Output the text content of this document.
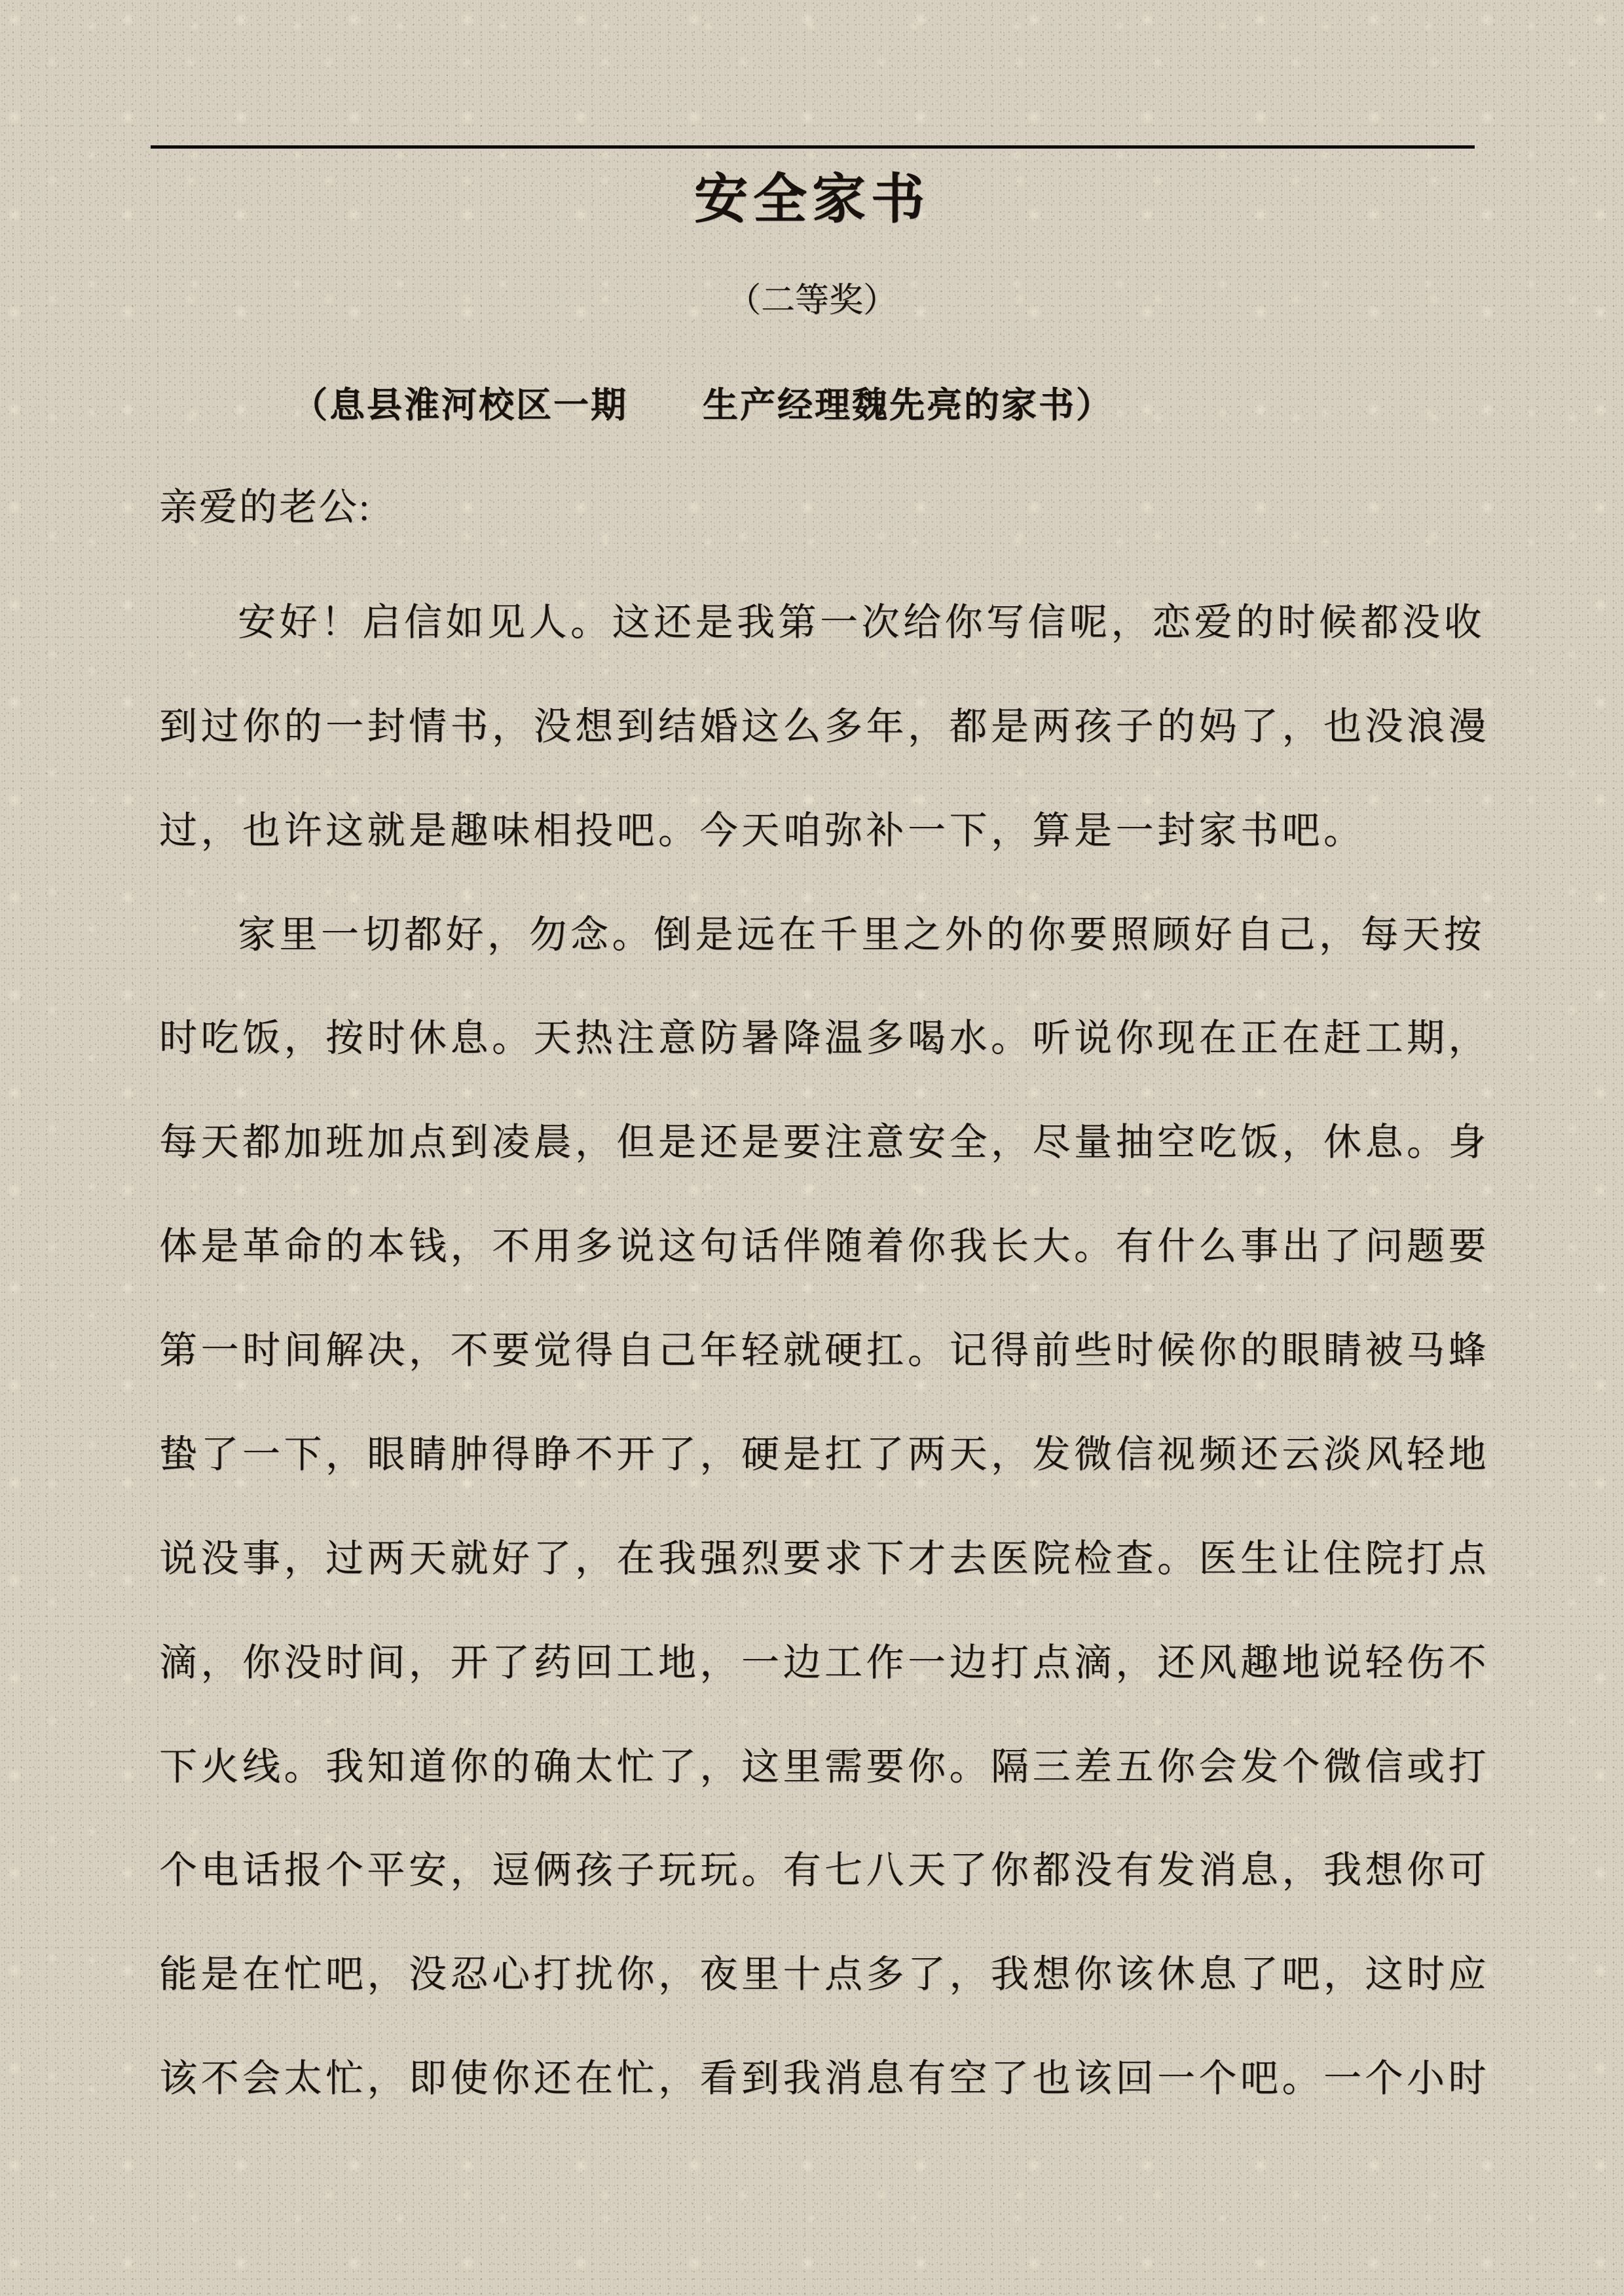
安全家书
（二等奖）
（息县淮河校区一期　　生产经理魏先亮的家书）
亲爱的老公:
安好！启信如见人。这还是我第一次给你写信呢，恋爱的时候都没收
到过你的一封情书，没想到结婚这么多年，都是两孩子的妈了，也没浪漫
过，也许这就是趣味相投吧。今天咱弥补一下，算是一封家书吧。
家里一切都好，勿念。倒是远在千里之外的你要照顾好自己，每天按
时吃饭，按时休息。天热注意防暑降温多喝水。听说你现在正在赶工期，
每天都加班加点到凌晨，但是还是要注意安全，尽量抽空吃饭，休息。身
体是革命的本钱，不用多说这句话伴随着你我长大。有什么事出了问题要
第一时间解决，不要觉得自己年轻就硬扛。记得前些时候你的眼睛被马蜂
蛰了一下，眼睛肿得睁不开了，硬是扛了两天，发微信视频还云淡风轻地
说没事，过两天就好了，在我强烈要求下才去医院检查。医生让住院打点
滴，你没时间，开了药回工地，一边工作一边打点滴，还风趣地说轻伤不
下火线。我知道你的确太忙了，这里需要你。隔三差五你会发个微信或打
个电话报个平安，逗俩孩子玩玩。有七八天了你都没有发消息，我想你可
能是在忙吧，没忍心打扰你，夜里十点多了，我想你该休息了吧，这时应
该不会太忙，即使你还在忙，看到我消息有空了也该回一个吧。一个小时
